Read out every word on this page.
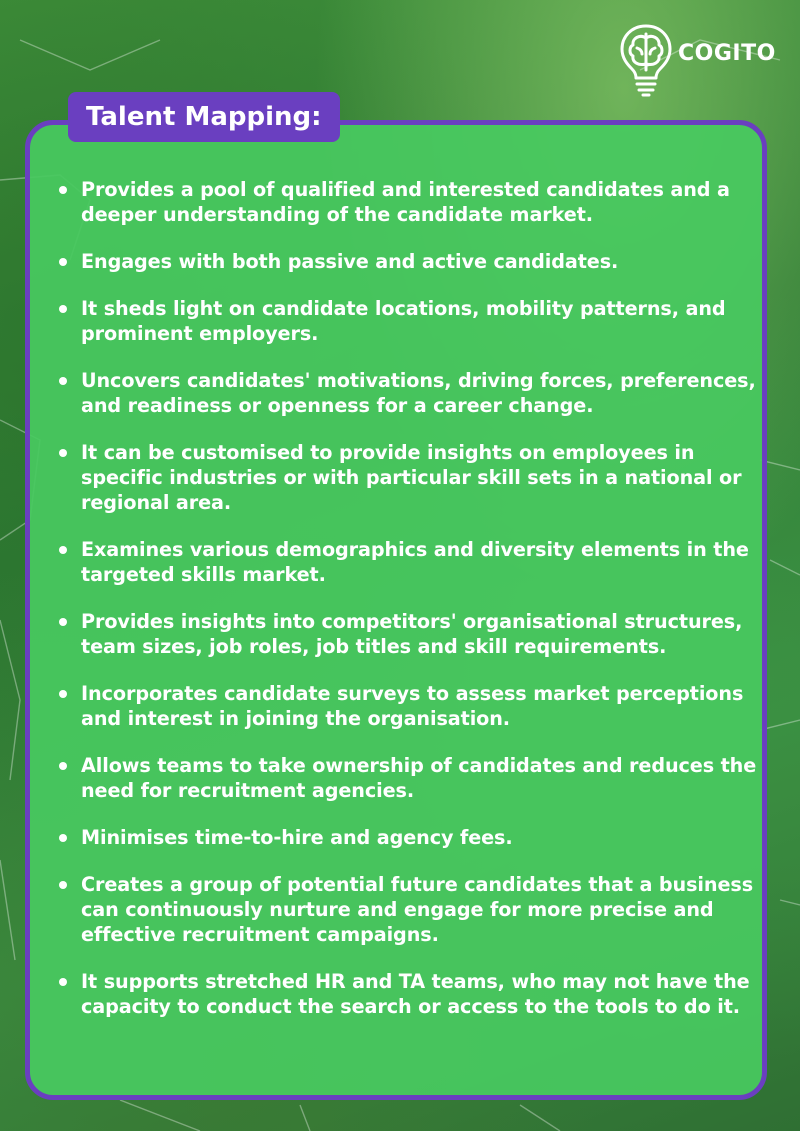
COGITO
Talent Mapping:
Provides a pool of qualified and interested candidates and a deeper understanding of the candidate market.
Engages with both passive and active candidates.
It sheds light on candidate locations, mobility patterns, and prominent employers.
Uncovers candidates' motivations, driving forces, preferences, and readiness or openness for a career change.
It can be customised to provide insights on employees in specific industries or with particular skill sets in a national or regional area.
Examines various demographics and diversity elements in the targeted skills market.
Provides insights into competitors' organisational structures, team sizes, job roles, job titles and skill requirements.
Incorporates candidate surveys to assess market perceptions and interest in joining the organisation.
Allows teams to take ownership of candidates and reduces the need for recruitment agencies.
Minimises time-to-hire and agency fees.
Creates a group of potential future candidates that a business can continuously nurture and engage for more precise and effective recruitment campaigns.
It supports stretched HR and TA teams, who may not have the capacity to conduct the search or access to the tools to do it.
